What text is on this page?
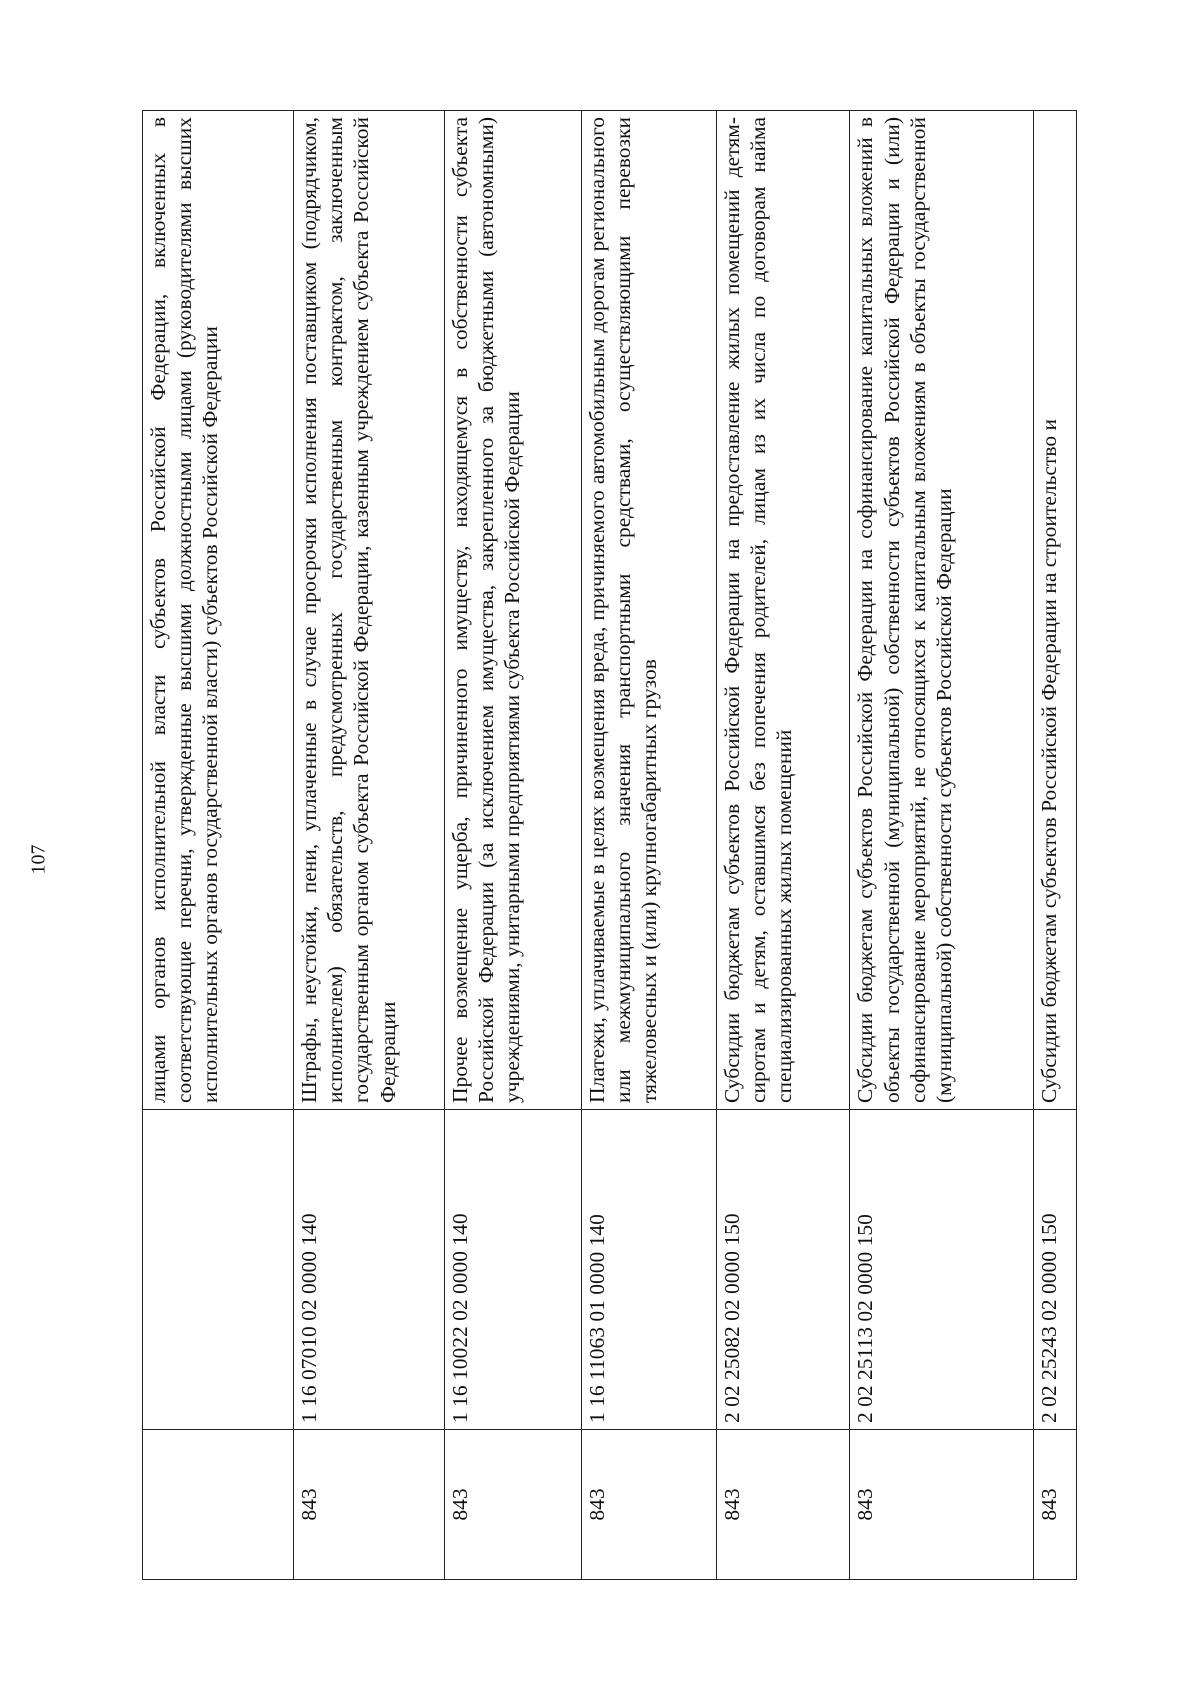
107
			лицами органов исполнительной власти субъектов Российской Федерации, включенных в соответствующие перечни, утвержденные высшими должностными лицами (руководителями высших исполнительных органов государственной власти) субъектов Российской Федерации
843	1 16 07010 02 0000 140	Штрафы, неустойки, пени, уплаченные в случае просрочки исполнения поставщиком (подрядчиком, исполнителем) обязательств, предусмотренных государственным контрактом, заключенным государственным органом субъекта Российской Федерации, казенным учреждением субъекта Российской Федерации
843	1 16 10022 02 0000 140	Прочее возмещение ущерба, причиненного имуществу, находящемуся в собственности субъекта Российской Федерации (за исключением имущества, закрепленного за бюджетными (автономными) учреждениями, унитарными предприятиями субъекта Российской Федерации
843	1 16 11063 01 0000 140	Платежи, уплачиваемые в целях возмещения вреда, причиняемого автомобильным дорогам регионального или межмуниципального значения транспортными средствами, осуществляющими перевозки тяжеловесных и (или) крупногабаритных грузов
843	2 02 25082 02 0000 150	Субсидии бюджетам субъектов Российской Федерации на предоставление жилых помещений детям-сиротам и детям, оставшимся без попечения родителей, лицам из их числа по договорам найма специализированных жилых помещений
843	2 02 25113 02 0000 150	Субсидии бюджетам субъектов Российской Федерации на софинансирование капитальных вложений в объекты государственной (муниципальной) собственности субъектов Российской Федерации и (или) софинансирование мероприятий, не относящихся к капитальным вложениям в объекты государственной (муниципальной) собственности субъектов Российской Федерации
843	2 02 25243 02 0000 150	Субсидии бюджетам субъектов Российской Федерации на строительство и
